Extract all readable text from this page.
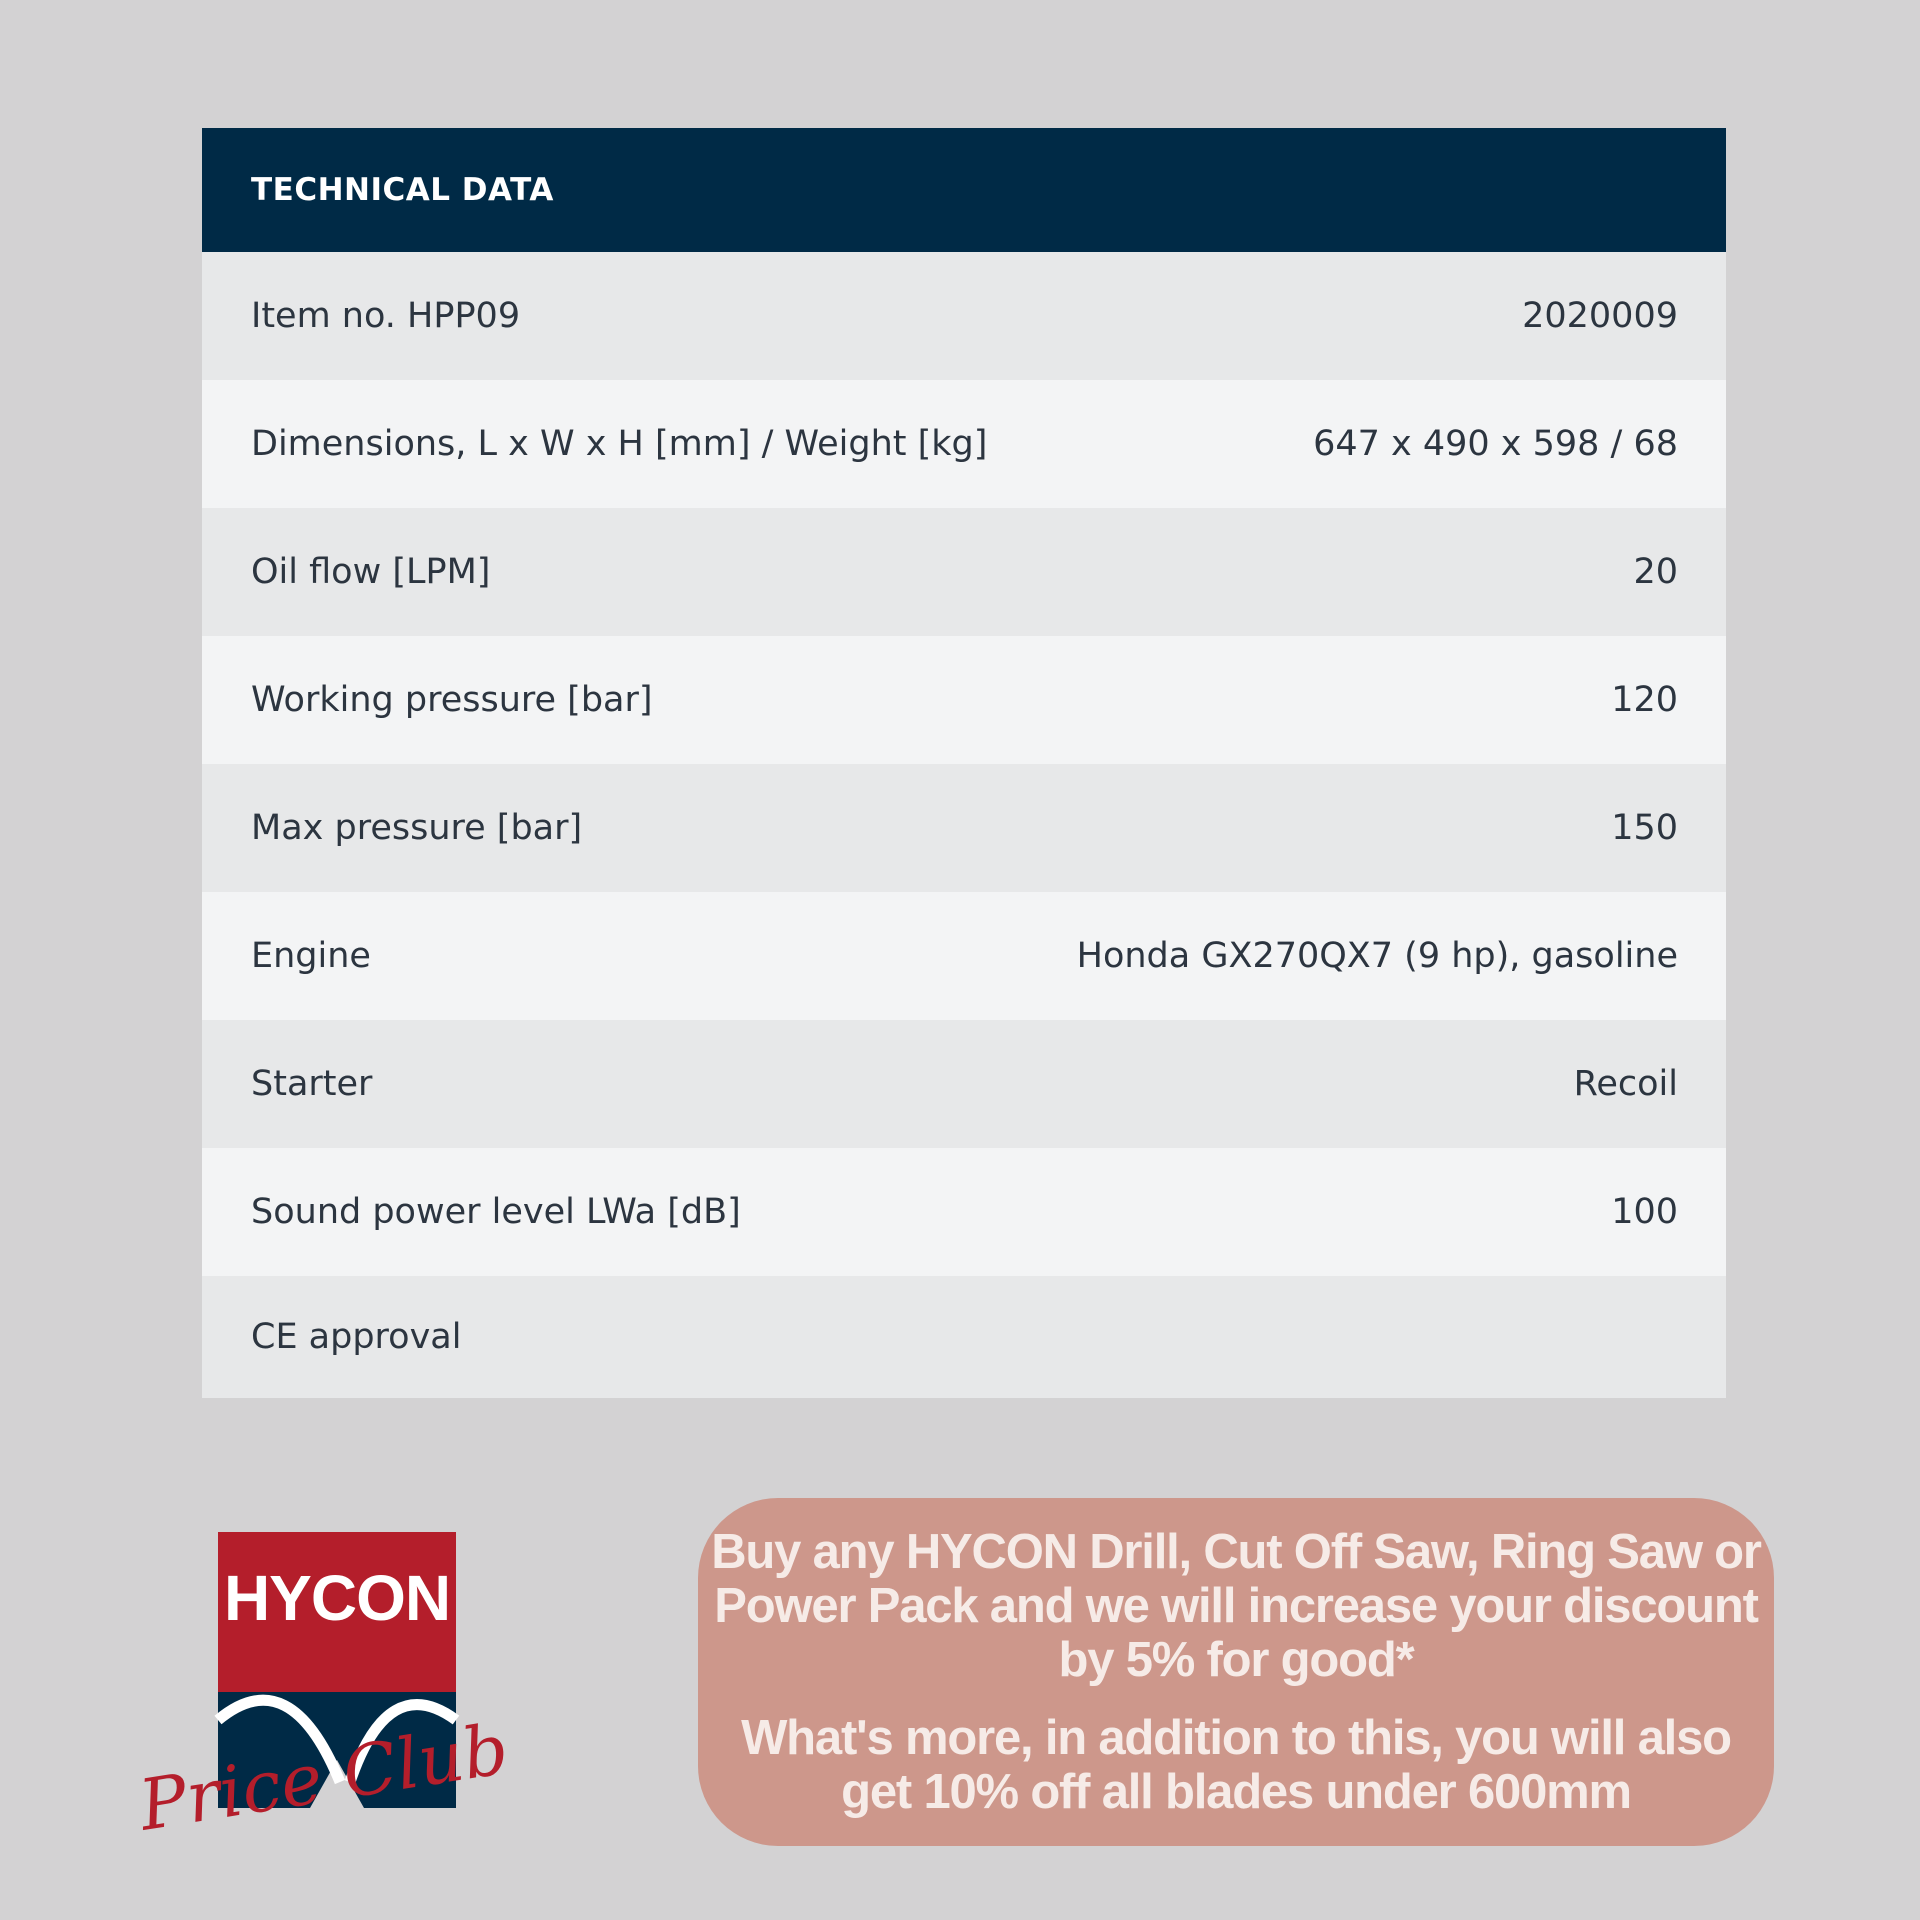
TECHNICAL DATA
Item no. HPP09	2020009
Dimensions, L x W x H [mm] / Weight [kg]	647 x 490 x 598 / 68
Oil flow [LPM]	20
Working pressure [bar]	120
Max pressure [bar]	150
Engine	Honda GX270QX7 (9 hp), gasoline
Starter	Recoil
Sound power level LWa [dB]	100
CE approval
HYCON
Price Club
Buy any HYCON Drill, Cut Off Saw, Ring Saw or Power Pack and we will increase your discount by 5% for good*
What's more, in addition to this, you will also get 10% off all blades under 600mm
